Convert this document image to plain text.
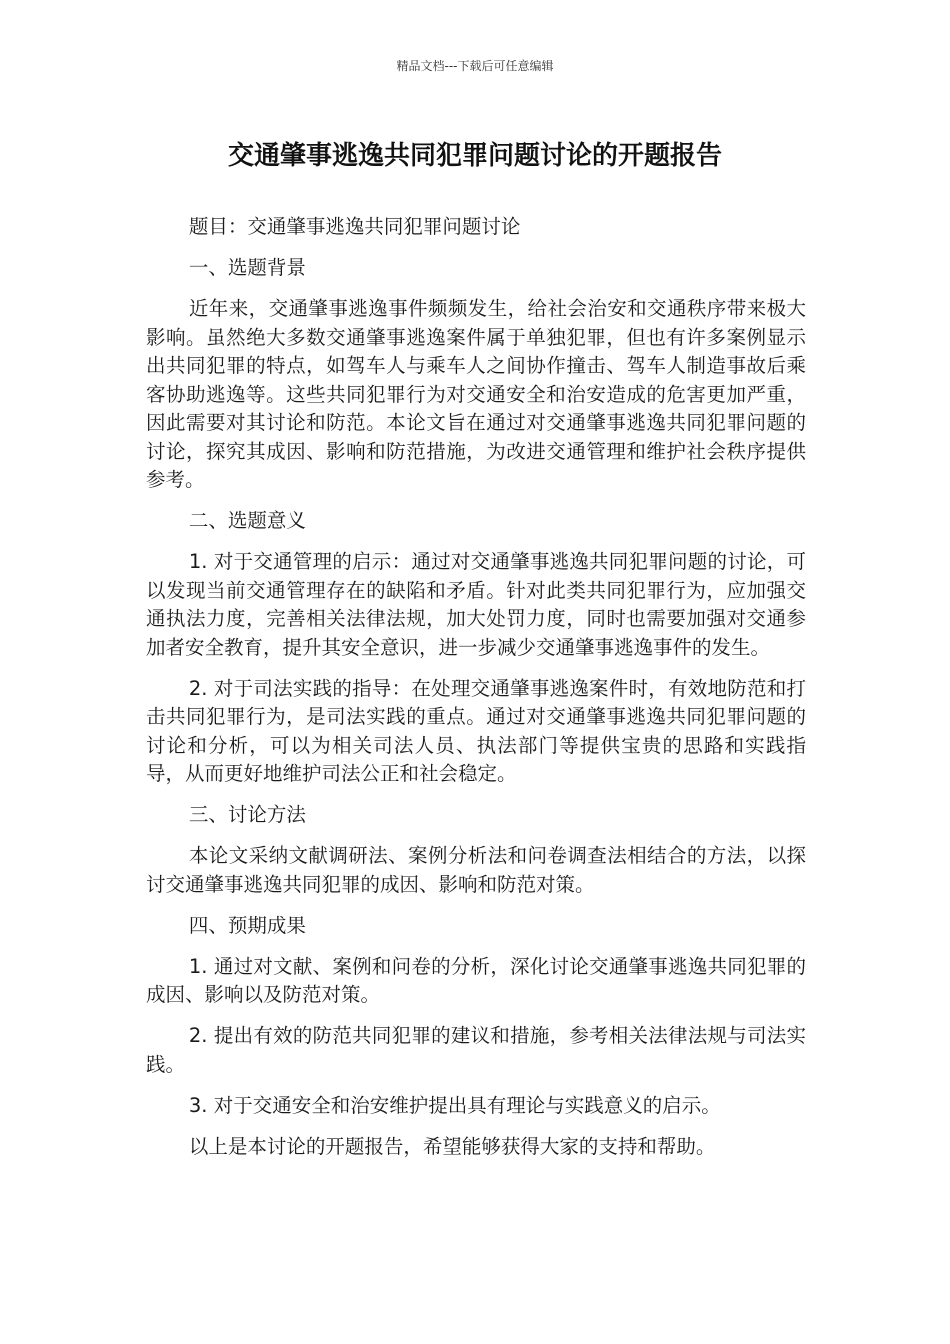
精品文档---下载后可任意编辑
交通肇事逃逸共同犯罪问题讨论的开题报告

题目：交通肇事逃逸共同犯罪问题讨论

一、选题背景

近年来，交通肇事逃逸事件频频发生，给社会治安和交通秩序带来极大影响。虽然绝大多数交通肇事逃逸案件属于单独犯罪，但也有许多案例显示出共同犯罪的特点，如驾车人与乘车人之间协作撞击、驾车人制造事故后乘客协助逃逸等。这些共同犯罪行为对交通安全和治安造成的危害更加严重，因此需要对其讨论和防范。本论文旨在通过对交通肇事逃逸共同犯罪问题的讨论，探究其成因、影响和防范措施，为改进交通管理和维护社会秩序提供参考。

二、选题意义

1. 对于交通管理的启示：通过对交通肇事逃逸共同犯罪问题的讨论，可以发现当前交通管理存在的缺陷和矛盾。针对此类共同犯罪行为，应加强交通执法力度，完善相关法律法规，加大处罚力度，同时也需要加强对交通参加者安全教育，提升其安全意识，进一步减少交通肇事逃逸事件的发生。

2. 对于司法实践的指导：在处理交通肇事逃逸案件时，有效地防范和打击共同犯罪行为，是司法实践的重点。通过对交通肇事逃逸共同犯罪问题的讨论和分析，可以为相关司法人员、执法部门等提供宝贵的思路和实践指导，从而更好地维护司法公正和社会稳定。

三、讨论方法

本论文采纳文献调研法、案例分析法和问卷调查法相结合的方法，以探讨交通肇事逃逸共同犯罪的成因、影响和防范对策。

四、预期成果

1. 通过对文献、案例和问卷的分析，深化讨论交通肇事逃逸共同犯罪的成因、影响以及防范对策。

2. 提出有效的防范共同犯罪的建议和措施，参考相关法律法规与司法实践。

3. 对于交通安全和治安维护提出具有理论与实践意义的启示。

以上是本讨论的开题报告，希望能够获得大家的支持和帮助。
